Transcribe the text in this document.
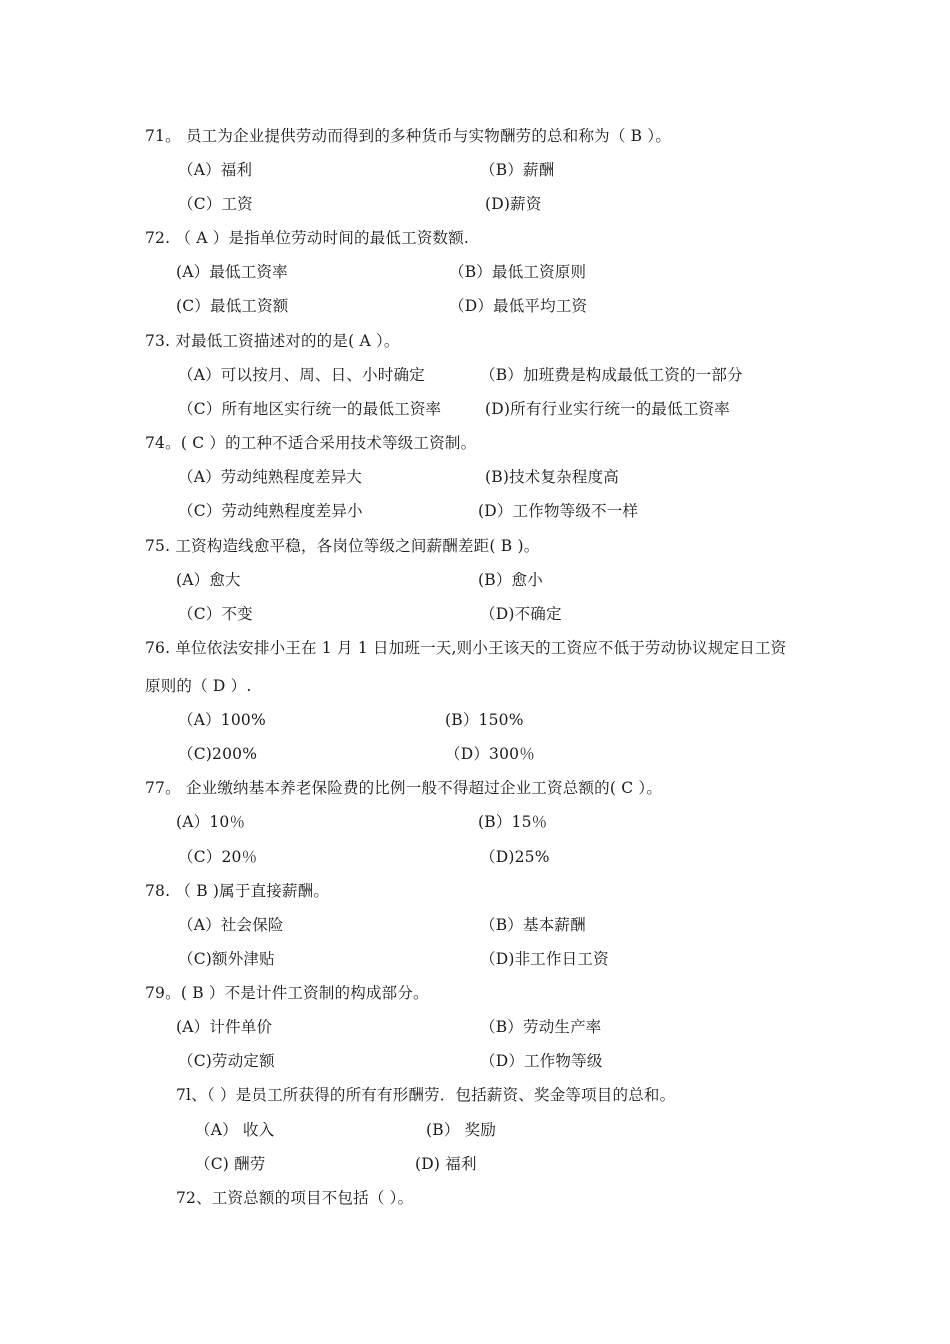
71。 员工为企业提供劳动而得到的多种货币与实物酬劳的总和称为（ B ）。
（A）福利	（B）薪酬
（C）工资	(D)薪资
72. （ A ）是指单位劳动时间的最低工资数额.
(A）最低工资率	（B）最低工资原则
(C）最低工资额	（D）最低平均工资
73. 对最低工资描述对的的是( A ）。
（A）可以按月、周、日、小时确定	（B）加班费是构成最低工资的一部分
（C）所有地区实行统一的最低工资率	(D)所有行业实行统一的最低工资率
74。( C ）的工种不适合采用技术等级工资制。
（A）劳动纯熟程度差异大	(B)技术复杂程度高
（C）劳动纯熟程度差异小	(D）工作物等级不一样
75. 工资构造线愈平稳，各岗位等级之间薪酬差距( B )。
(A）愈大	(B）愈小
（C）不变	（D)不确定
76. 单位依法安排小王在 1 月 1 日加班一天,则小王该天的工资应不低于劳动协议规定日工资
原则的（ D ）.
（A）100%	(B）150%
（C)200%	（D）300％
77。 企业缴纳基本养老保险费的比例一般不得超过企业工资总额的( C ）。
(A）10％	(B）15％
（C）20％	（D)25%
78. （ B )属于直接薪酬。
（A）社会保险	（B）基本薪酬
（C)额外津贴	（D)非工作日工资
79。( B ）不是计件工资制的构成部分。
(A）计件单价	（B）劳动生产率
（C)劳动定额	（D）工作物等级
7l、（ ）是员工所获得的所有有形酬劳．包括薪资、奖金等项目的总和。
（A） 收入	(B） 奖励
（C) 酬劳	(D) 福利
72、工资总额的项目不包括（ ）。
